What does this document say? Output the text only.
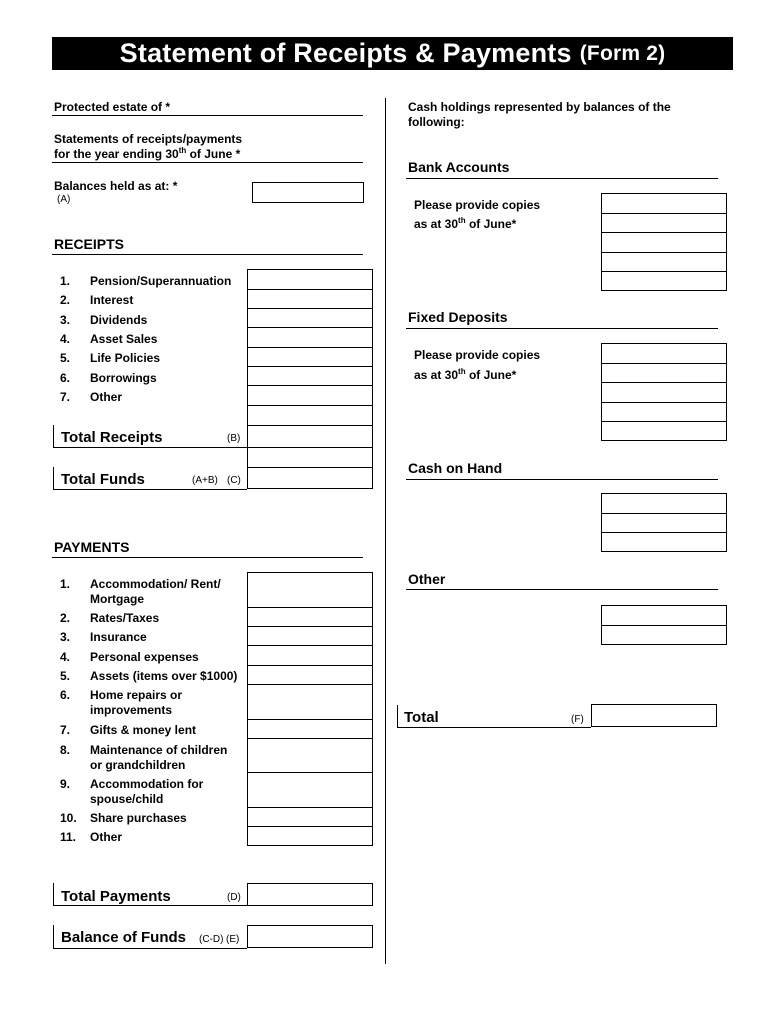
Statement of Receipts & Payments (Form 2)
Protected estate of *
Statements of receipts/payments
for the year ending 30th of June *
Balances held as at: *
(A)
RECEIPTS
1.	Pension/Superannuation
2.	Interest
3.	Dividends
4.	Asset Sales
5.	Life Policies
6.	Borrowings
7.	Other
Total Receipts	(B)
Total Funds	(A+B) (C)
PAYMENTS
1.	Accommodation/ Rent/
Mortgage
2.	Rates/Taxes
3.	Insurance
4.	Personal expenses
5.	Assets (items over $1000)
6.	Home repairs or
improvements
7.	Gifts & money lent
8.	Maintenance of children
or grandchildren
9.	Accommodation for
spouse/child
10.	Share purchases
11.	Other
Total Payments	(D)
Balance of Funds (C-D) (E)
Cash holdings represented by balances of the
following:
Bank Accounts
Please provide copies
as at 30th of June*
Fixed Deposits
Please provide copies
as at 30th of June*
Cash on Hand
Other
Total	(F)
